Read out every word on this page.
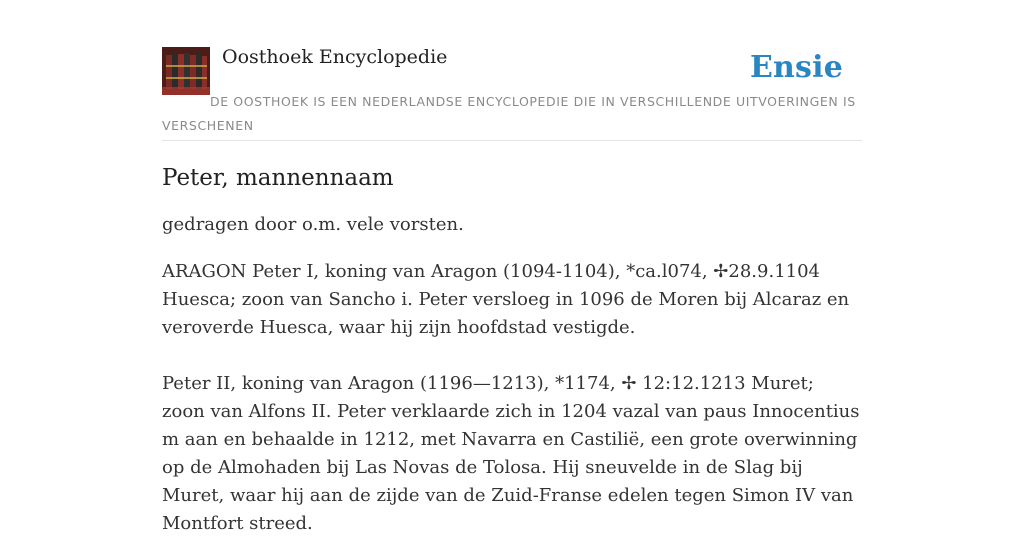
Oosthoek Encyclopedie	Ensie
DE OOSTHOEK IS EEN NEDERLANDSE ENCYCLOPEDIE DIE IN VERSCHILLENDE UITVOERINGEN IS VERSCHENEN
Peter, mannennaam

gedragen door o.m. vele vorsten.

ARAGON Peter I, koning van Aragon (1094-1104), *ca.l074, ✢28.9.1104 Huesca; zoon van Sancho i. Peter versloeg in 1096 de Moren bij Alcaraz en veroverde Huesca, waar hij zijn hoofdstad vestigde.

Peter II, koning van Aragon (1196—1213), *1174, ✢ 12:12.1213 Muret; zoon van Alfons II. Peter verklaarde zich in 1204 vazal van paus Innocentius m aan en behaalde in 1212, met Navarra en Castilië, een grote overwinning op de Almohaden bij Las Novas de Tolosa. Hij sneuvelde in de Slag bij Muret, waar hij aan de zijde van de Zuid-Franse edelen tegen Simon IV van Montfort streed.
